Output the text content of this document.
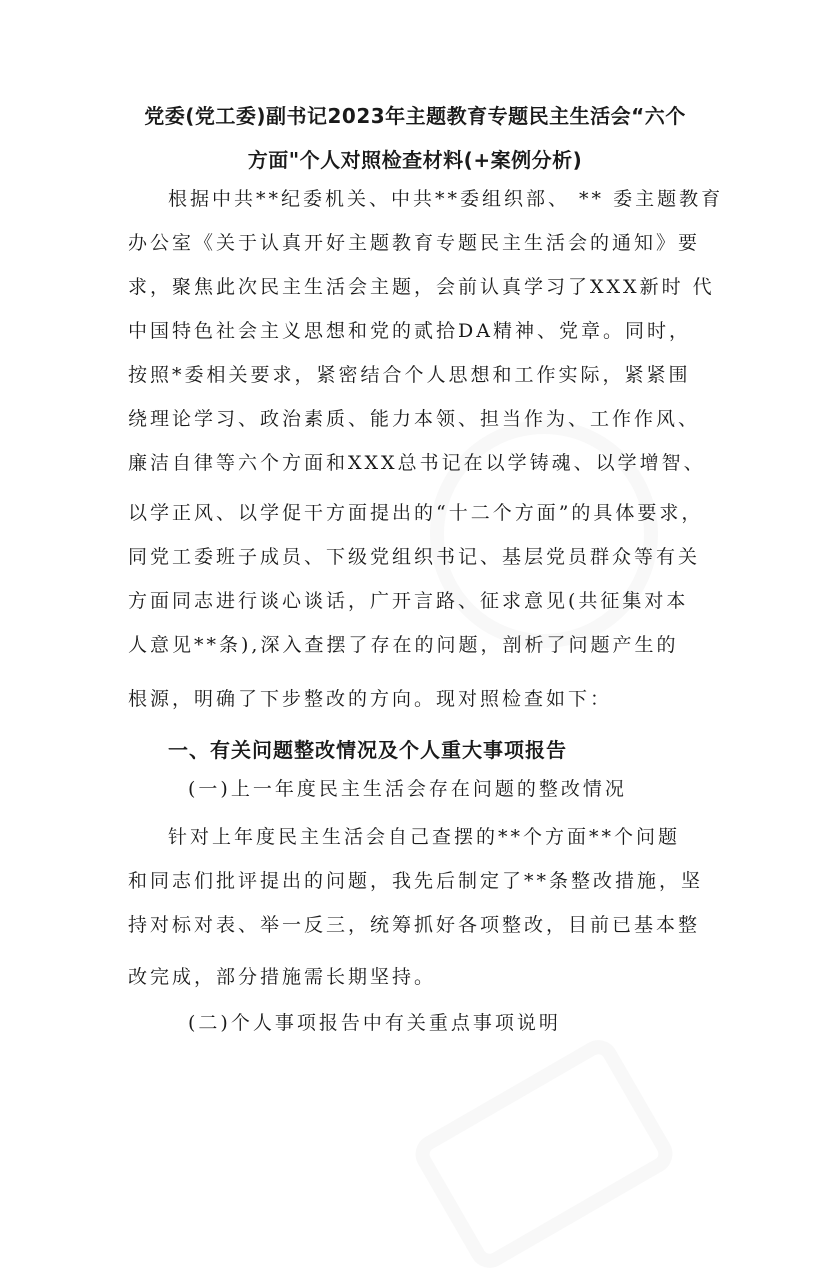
党委(党工委)副书记2023年主题教育专题民主生活会“六个
方面"个人对照检查材料(+案例分析)
根据中共**纪委机关、中共**委组织部、 ** 委主题教育
办公室《关于认真开好主题教育专题民主生活会的通知》要
求，聚焦此次民主生活会主题，会前认真学习了XXX新时 代
中国特色社会主义思想和党的贰拾DA精神、党章。同时，
按照*委相关要求，紧密结合个人思想和工作实际，紧紧围
绕理论学习、政治素质、能力本领、担当作为、工作作风、
廉洁自律等六个方面和XXX总书记在以学铸魂、以学增智、
以学正风、以学促干方面提出的“十二个方面”的具体要求，
同党工委班子成员、下级党组织书记、基层党员群众等有关
方面同志进行谈心谈话，广开言路、征求意见(共征集对本
人意见**条),深入查摆了存在的问题，剖析了问题产生的
根源，明确了下步整改的方向。现对照检查如下：
一、有关问题整改情况及个人重大事项报告
(一)上一年度民主生活会存在问题的整改情况
针对上年度民主生活会自己查摆的**个方面**个问题
和同志们批评提出的问题，我先后制定了**条整改措施，坚
持对标对表、举一反三，统筹抓好各项整改，目前已基本整
改完成，部分措施需长期坚持。
(二)个人事项报告中有关重点事项说明
